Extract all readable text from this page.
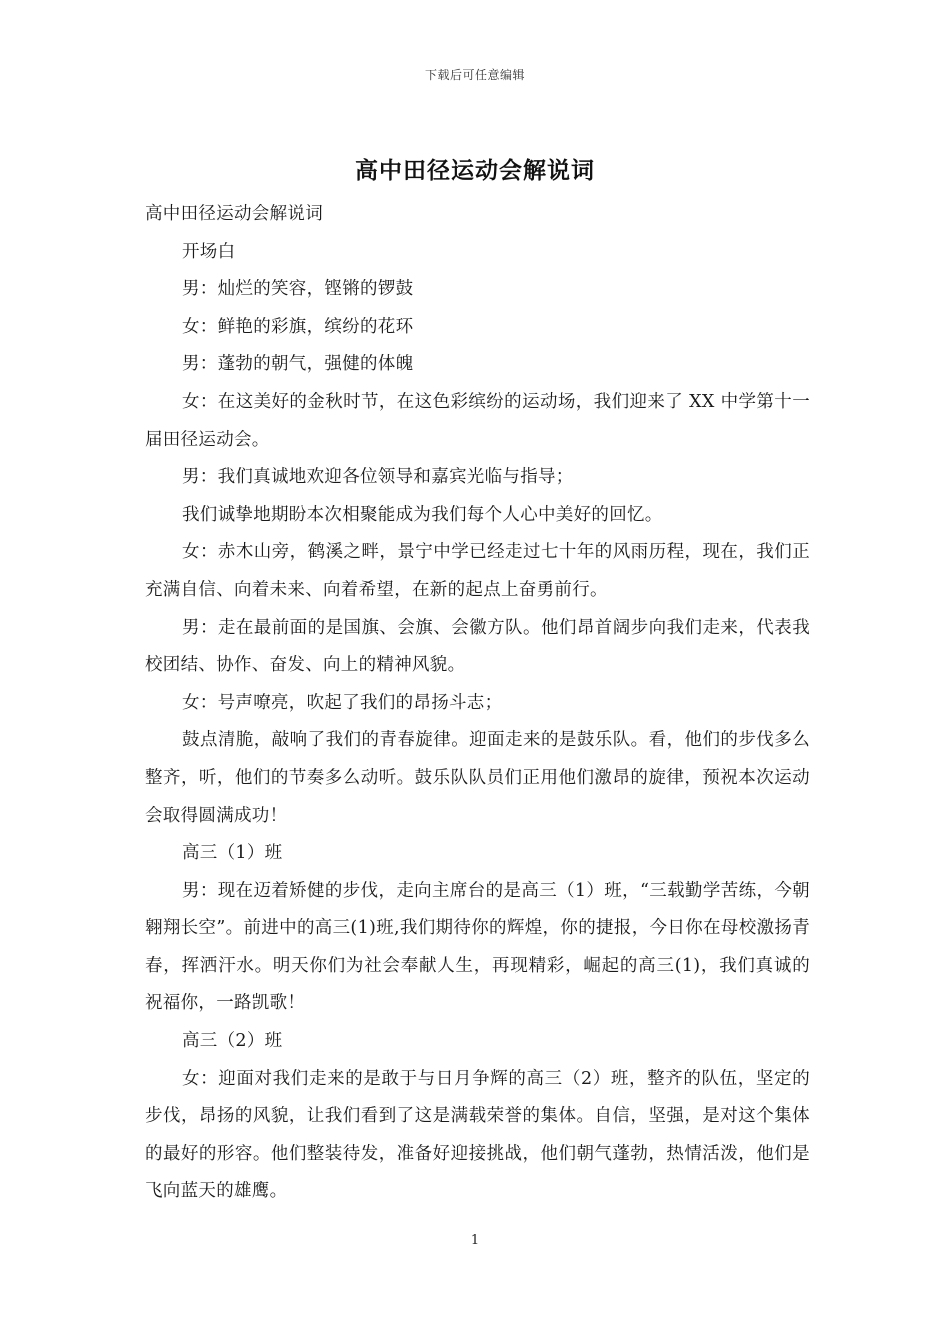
下载后可任意编辑
高中田径运动会解说词

高中田径运动会解说词

开场白

男：灿烂的笑容，铿锵的锣鼓

女：鲜艳的彩旗，缤纷的花环

男：蓬勃的朝气，强健的体魄

女：在这美好的金秋时节，在这色彩缤纷的运动场，我们迎来了 XX 中学第十一届田径运动会。

男：我们真诚地欢迎各位领导和嘉宾光临与指导；

我们诚挚地期盼本次相聚能成为我们每个人心中美好的回忆。

女：赤木山旁，鹤溪之畔，景宁中学已经走过七十年的风雨历程，现在，我们正充满自信、向着未来、向着希望，在新的起点上奋勇前行。

男：走在最前面的是国旗、会旗、会徽方队。他们昂首阔步向我们走来，代表我校团结、协作、奋发、向上的精神风貌。

女：号声嘹亮，吹起了我们的昂扬斗志；

鼓点清脆，敲响了我们的青春旋律。迎面走来的是鼓乐队。看，他们的步伐多么整齐，听，他们的节奏多么动听。鼓乐队队员们正用他们激昂的旋律，预祝本次运动会取得圆满成功！

高三（1）班

男：现在迈着矫健的步伐，走向主席台的是高三（1）班，“三载勤学苦练，今朝翱翔长空”。前进中的高三(1)班,我们期待你的辉煌，你的捷报，今日你在母校激扬青春，挥洒汗水。明天你们为社会奉献人生，再现精彩，崛起的高三(1)，我们真诚的祝福你，一路凯歌！

高三（2）班

女：迎面对我们走来的是敢于与日月争辉的高三（2）班，整齐的队伍，坚定的步伐，昂扬的风貌，让我们看到了这是满载荣誉的集体。自信，坚强，是对这个集体的最好的形容。他们整装待发，准备好迎接挑战，他们朝气蓬勃，热情活泼，他们是飞向蓝天的雄鹰。

1
